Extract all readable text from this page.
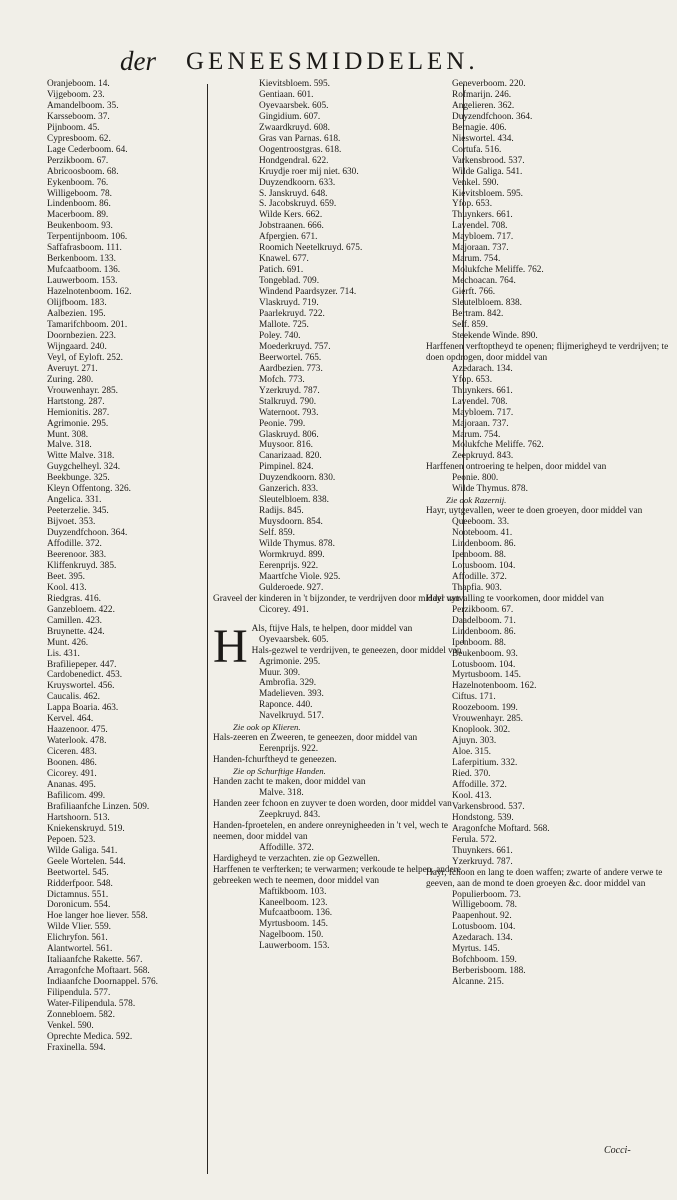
der GENEESMIDDELEN.
Oranjeboom. 14.
Vijgeboom. 23.
Amandelboom. 35.
Karsseboom. 37.
Pijnboom. 45.
Cypresboom. 62.
Lage Cederboom. 64.
Perzikboom. 67.
Abricoosboom. 68.
Eykenboom. 76.
Willigeboom. 78.
Lindenboom. 86.
Macerboom. 89.
Beukenboom. 93.
Terpentijnboom. 106.
Saffafrasboom. 111.
Berkenboom. 133.
Mufcaatboom. 136.
Lauwerboom. 153.
Hazelnotenboom. 162.
Olijfboom. 183.
Aalbezien. 195.
Tamarifchboom. 201.
Doornbezien. 223.
Wijngaard. 240.
Veyl, of Eyloft. 252.
Averuyt. 271.
Zuring. 280.
Vrouwenhayr. 285.
Hartstong. 287.
Hemionitis. 287.
Agrimonie. 295.
Munt. 308.
Malve. 318.
Witte Malve. 318.
Guygchelheyl. 324.
Beekbunge. 325.
Kleyn Offentong. 326.
Angelica. 331.
Peeterzelie. 345.
Bijvoet. 353.
Duyzendfchoon. 364.
Affodille. 372.
Beerenoor. 383.
Kliffenkruyd. 385.
Beet. 395.
Kool. 413.
Riedgras. 416.
Ganzebloem. 422.
Camillen. 423.
Bruynette. 424.
Munt. 426.
Lis. 431.
Brafiliepeper. 447.
Cardobenedict. 453.
Kruyswortel. 456.
Caucalis. 462.
Lappa Boaria. 463.
Kervel. 464.
Haazenoor. 475.
Waterlook. 478.
Ciceren. 483.
Boonen. 486.
Cicorey. 491.
Ananas. 495.
Bafilicom. 499.
Brafiliaanfche Linzen. 509.
Hartshoorn. 513.
Kniekenskruyd. 519.
Pepoen. 523.
Wilde Galiga. 541.
Geele Wortelen. 544.
Beetwortel. 545.
Ridderfpoor. 548.
Dictamnus. 551.
Doronicum. 554.
Hoe langer hoe liever. 558.
Wilde Vlier. 559.
Elichryfon. 561.
Alantwortel. 561.
Italiaanfche Rakette. 567.
Arragonfche Moftaart. 568.
Indiaanfche Doornappel. 576.
Filipendula. 577.
Water-Filipendula. 578.
Zonnebloem. 582.
Venkel. 590.
Oprechte Medica. 592.
Fraxinella. 594.
Kievitsbloem. 595.
Gentiaan. 601.
Oyevaarsbek. 605.
Gingidium. 607.
Zwaardkruyd. 608.
Gras van Parnas. 618.
Oogentroostgras. 618.
Hondgendral. 622.
Kruydje roer mij niet. 630.
Duyzendkoorn. 633.
S. Janskruyd. 648.
S. Jacobskruyd. 659.
Wilde Kers. 662.
Jobstraanen. 666.
Afpergien. 671.
Roomich Neetelkruyd. 675.
Knawel. 677.
Patich. 691.
Tongeblad. 709.
Windend Paardsyzer. 714.
Vlaskruyd. 719.
Paarlekruyd. 722.
Mallote. 725.
Poley. 740.
Moederkruyd. 757.
Beerwortel. 765.
Aardbezien. 773.
Mofch. 773.
Yzerkruyd. 787.
Stalkruyd. 790.
Waternoot. 793.
Peonie. 799.
Glaskruyd. 806.
Muysoor. 816.
Canarizaad. 820.
Pimpinel. 824.
Duyzendkoorn. 830.
Ganzerich. 833.
Sleutelbloem. 838.
Radijs. 845.
Muysdoorn. 854.
Self. 859.
Wilde Thymus. 878.
Wormkruyd. 899.
Eerenprijs. 922.
Maartfche Viole. 925.
Gulderoede. 927.
Graveel der kinderen in 't bijzonder, te verdrijven door middel van
Cicorey. 491.
H Als, ftijve Hals, te helpen, door middel van
Oyevaarsbek. 605.
Hals-gezwel te verdrijven, te geneezen, door middel van
Agrimonie. 295.
Muur. 309.
Ambrofia. 329.
Madelieven. 393.
Raponce. 440.
Navelkruyd. 517.
Zie ook op Klieren.
Hals-zeeren en Zweeren, te geneezen, door middel van
Eerenprijs. 922.
Handen-fchurftheyd te geneezen.
Zie op Schurftige Handen.
Handen zacht te maken, door middel van
Malve. 318.
Handen zeer fchoon en zuyver te doen worden, door middel van
Zeepkruyd. 843.
Handen-fproetelen, en andere onreynigheeden in 't vel, wech te neemen, door middel van
Affodille. 372.
Hardigheyd te verzachten. zie op Gezwellen.
Harffenen te verfterken; te verwarmen; verkoude te helpen, andere gebreeken wech te neemen, door middel van
Maftikboom. 103.
Kaneelboom. 123.
Mufcaatboom. 136.
Myrtusboom. 145.
Nagelboom. 150.
Lauwerboom. 153.
Geneverboom. 220.
Rofmarijn. 246.
Angelieren. 362.
Duyzendfchoon. 364.
Bernagie. 406.
Nieswortel. 434.
Cortufa. 516.
Varkensbrood. 537.
Wilde Galiga. 541.
Venkel. 590.
Kievitsbloem. 595.
Yfop. 653.
Thuynkers. 661.
Lavendel. 708.
Maybloem. 717.
Majoraan. 737.
Marum. 754.
Molukfche Meliffe. 762.
Mechoacan. 764.
Gierft. 766.
Sleutelbloem. 838.
Bertram. 842.
Self. 859.
Steekende Winde. 890.
Harffenen verftoptheyd te openen; flijmerigheyd te verdrijven; te doen opdrogen, door middel van
Azedarach. 134.
Yfop. 653.
Thuynkers. 661.
Lavendel. 708.
Maybloem. 717.
Majoraan. 737.
Marum. 754.
Molukfche Meliffe. 762.
Zeepkruyd. 843.
Harffenen ontroering te helpen, door middel van
Peonie. 800.
Wilde Thymus. 878.
Zie ook Razernij.
Hayr, uytgevallen, weer te doen groeyen, door middel van
Queeboom. 33.
Nooteboom. 41.
Lindenboom. 86.
Ipenboom. 88.
Lotusboom. 104.
Affodille. 372.
Thapfia. 903.
Hayr uytvalling te voorkomen, door middel van
Perzikboom. 67.
Daadelboom. 71.
Lindenboom. 86.
Ipenboom. 88.
Beukenboom. 93.
Lotusboom. 104.
Myrtusboom. 145.
Hazelnotenboom. 162.
Ciftus. 171.
Roozeboom. 199.
Vrouwenhayr. 285.
Knoplook. 302.
Ajuyn. 303.
Aloe. 315.
Laferpitium. 332.
Ried. 370.
Affodille. 372.
Kool. 413.
Varkensbrood. 537.
Hondstong. 539.
Aragonfche Moftard. 568.
Ferula. 572.
Thuynkers. 661.
Yzerkruyd. 787.
Hayr, fchoon en lang te doen waffen; zwarte of andere verwe te geeven, aan de mond te doen groeyen &c. door middel van
Populierboom. 73.
Willigeboom. 78.
Paapenhout. 92.
Lotusboom. 104.
Azedarach. 134.
Myrtus. 145.
Bofchboom. 159.
Berberisboom. 188.
Alcanne. 215.
Cocci-
